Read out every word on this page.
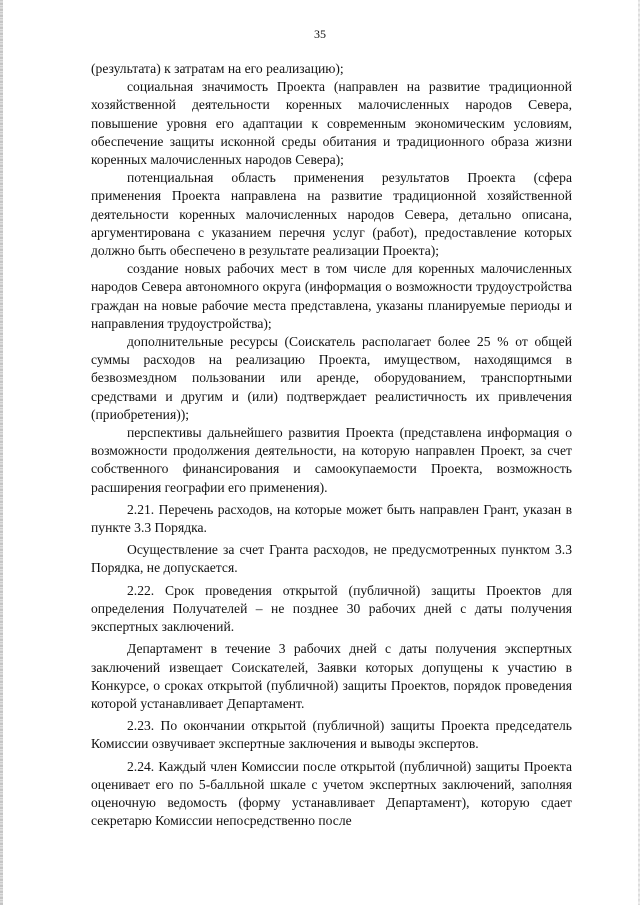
35

(результата) к затратам на его реализацию);

социальная значимость Проекта (направлен на развитие традиционной хозяйственной деятельности коренных малочисленных народов Севера, повышение уровня его адаптации к современным экономическим условиям, обеспечение защиты исконной среды обитания и традиционного образа жизни коренных малочисленных народов Севера);

потенциальная область применения результатов Проекта (сфера применения Проекта направлена на развитие традиционной хозяйственной деятельности коренных малочисленных народов Севера, детально описана, аргументирована с указанием перечня услуг (работ), предоставление которых должно быть обеспечено в результате реализации Проекта);

создание новых рабочих мест в том числе для коренных малочисленных народов Севера автономного округа (информация о возможности трудоустройства граждан на новые рабочие места представлена, указаны планируемые периоды и направления трудоустройства);

дополнительные ресурсы (Соискатель располагает более 25 % от общей суммы расходов на реализацию Проекта, имуществом, находящимся в безвозмездном пользовании или аренде, оборудованием, транспортными средствами и другим и (или) подтверждает реалистичность их привлечения (приобретения));

перспективы дальнейшего развития Проекта (представлена информация о возможности продолжения деятельности, на которую направлен Проект, за счет собственного финансирования и самоокупаемости Проекта, возможность расширения географии его применения).

2.21. Перечень расходов, на которые может быть направлен Грант, указан в пункте 3.3 Порядка.

Осуществление за счет Гранта расходов, не предусмотренных пунктом 3.3 Порядка, не допускается.

2.22. Срок проведения открытой (публичной) защиты Проектов для определения Получателей – не позднее 30 рабочих дней с даты получения экспертных заключений.

Департамент в течение 3 рабочих дней с даты получения экспертных заключений извещает Соискателей, Заявки которых допущены к участию в Конкурсе, о сроках открытой (публичной) защиты Проектов, порядок проведения которой устанавливает Департамент.

2.23. По окончании открытой (публичной) защиты Проекта председатель Комиссии озвучивает экспертные заключения и выводы экспертов.

2.24. Каждый член Комиссии после открытой (публичной) защиты Проекта оценивает его по 5-балльной шкале с учетом экспертных заключений, заполняя оценочную ведомость (форму устанавливает Департамент), которую сдает секретарю Комиссии непосредственно после
